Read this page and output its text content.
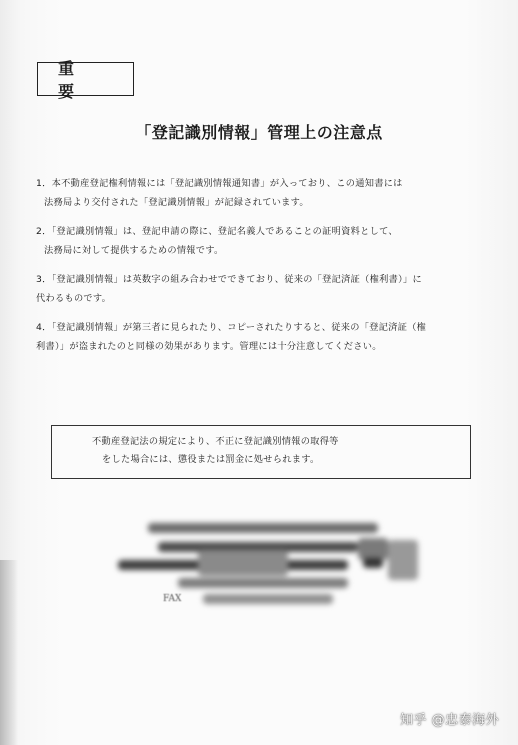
重 要
「登記識別情報」管理上の注意点
1．本不動産登記権利情報には「登記識別情報通知書」が入っており、この通知書には
法務局より交付された「登記識別情報」が記録されています。
2．「登記識別情報」は、登記申請の際に、登記名義人であることの証明資料として、
法務局に対して提供するための情報です。
3．「登記識別情報」は英数字の組み合わせでできており、従来の「登記済証（権利書）」に
代わるものです。
4．「登記識別情報」が第三者に見られたり、コピーされたりすると、従来の「登記済証（権
利書）」が盗まれたのと同様の効果があります。管理には十分注意してください。
不動産登記法の規定により、不正に登記識別情報の取得等
をした場合には、懲役または罰金に処せられます。
FAX
知乎 @忠泰海外
